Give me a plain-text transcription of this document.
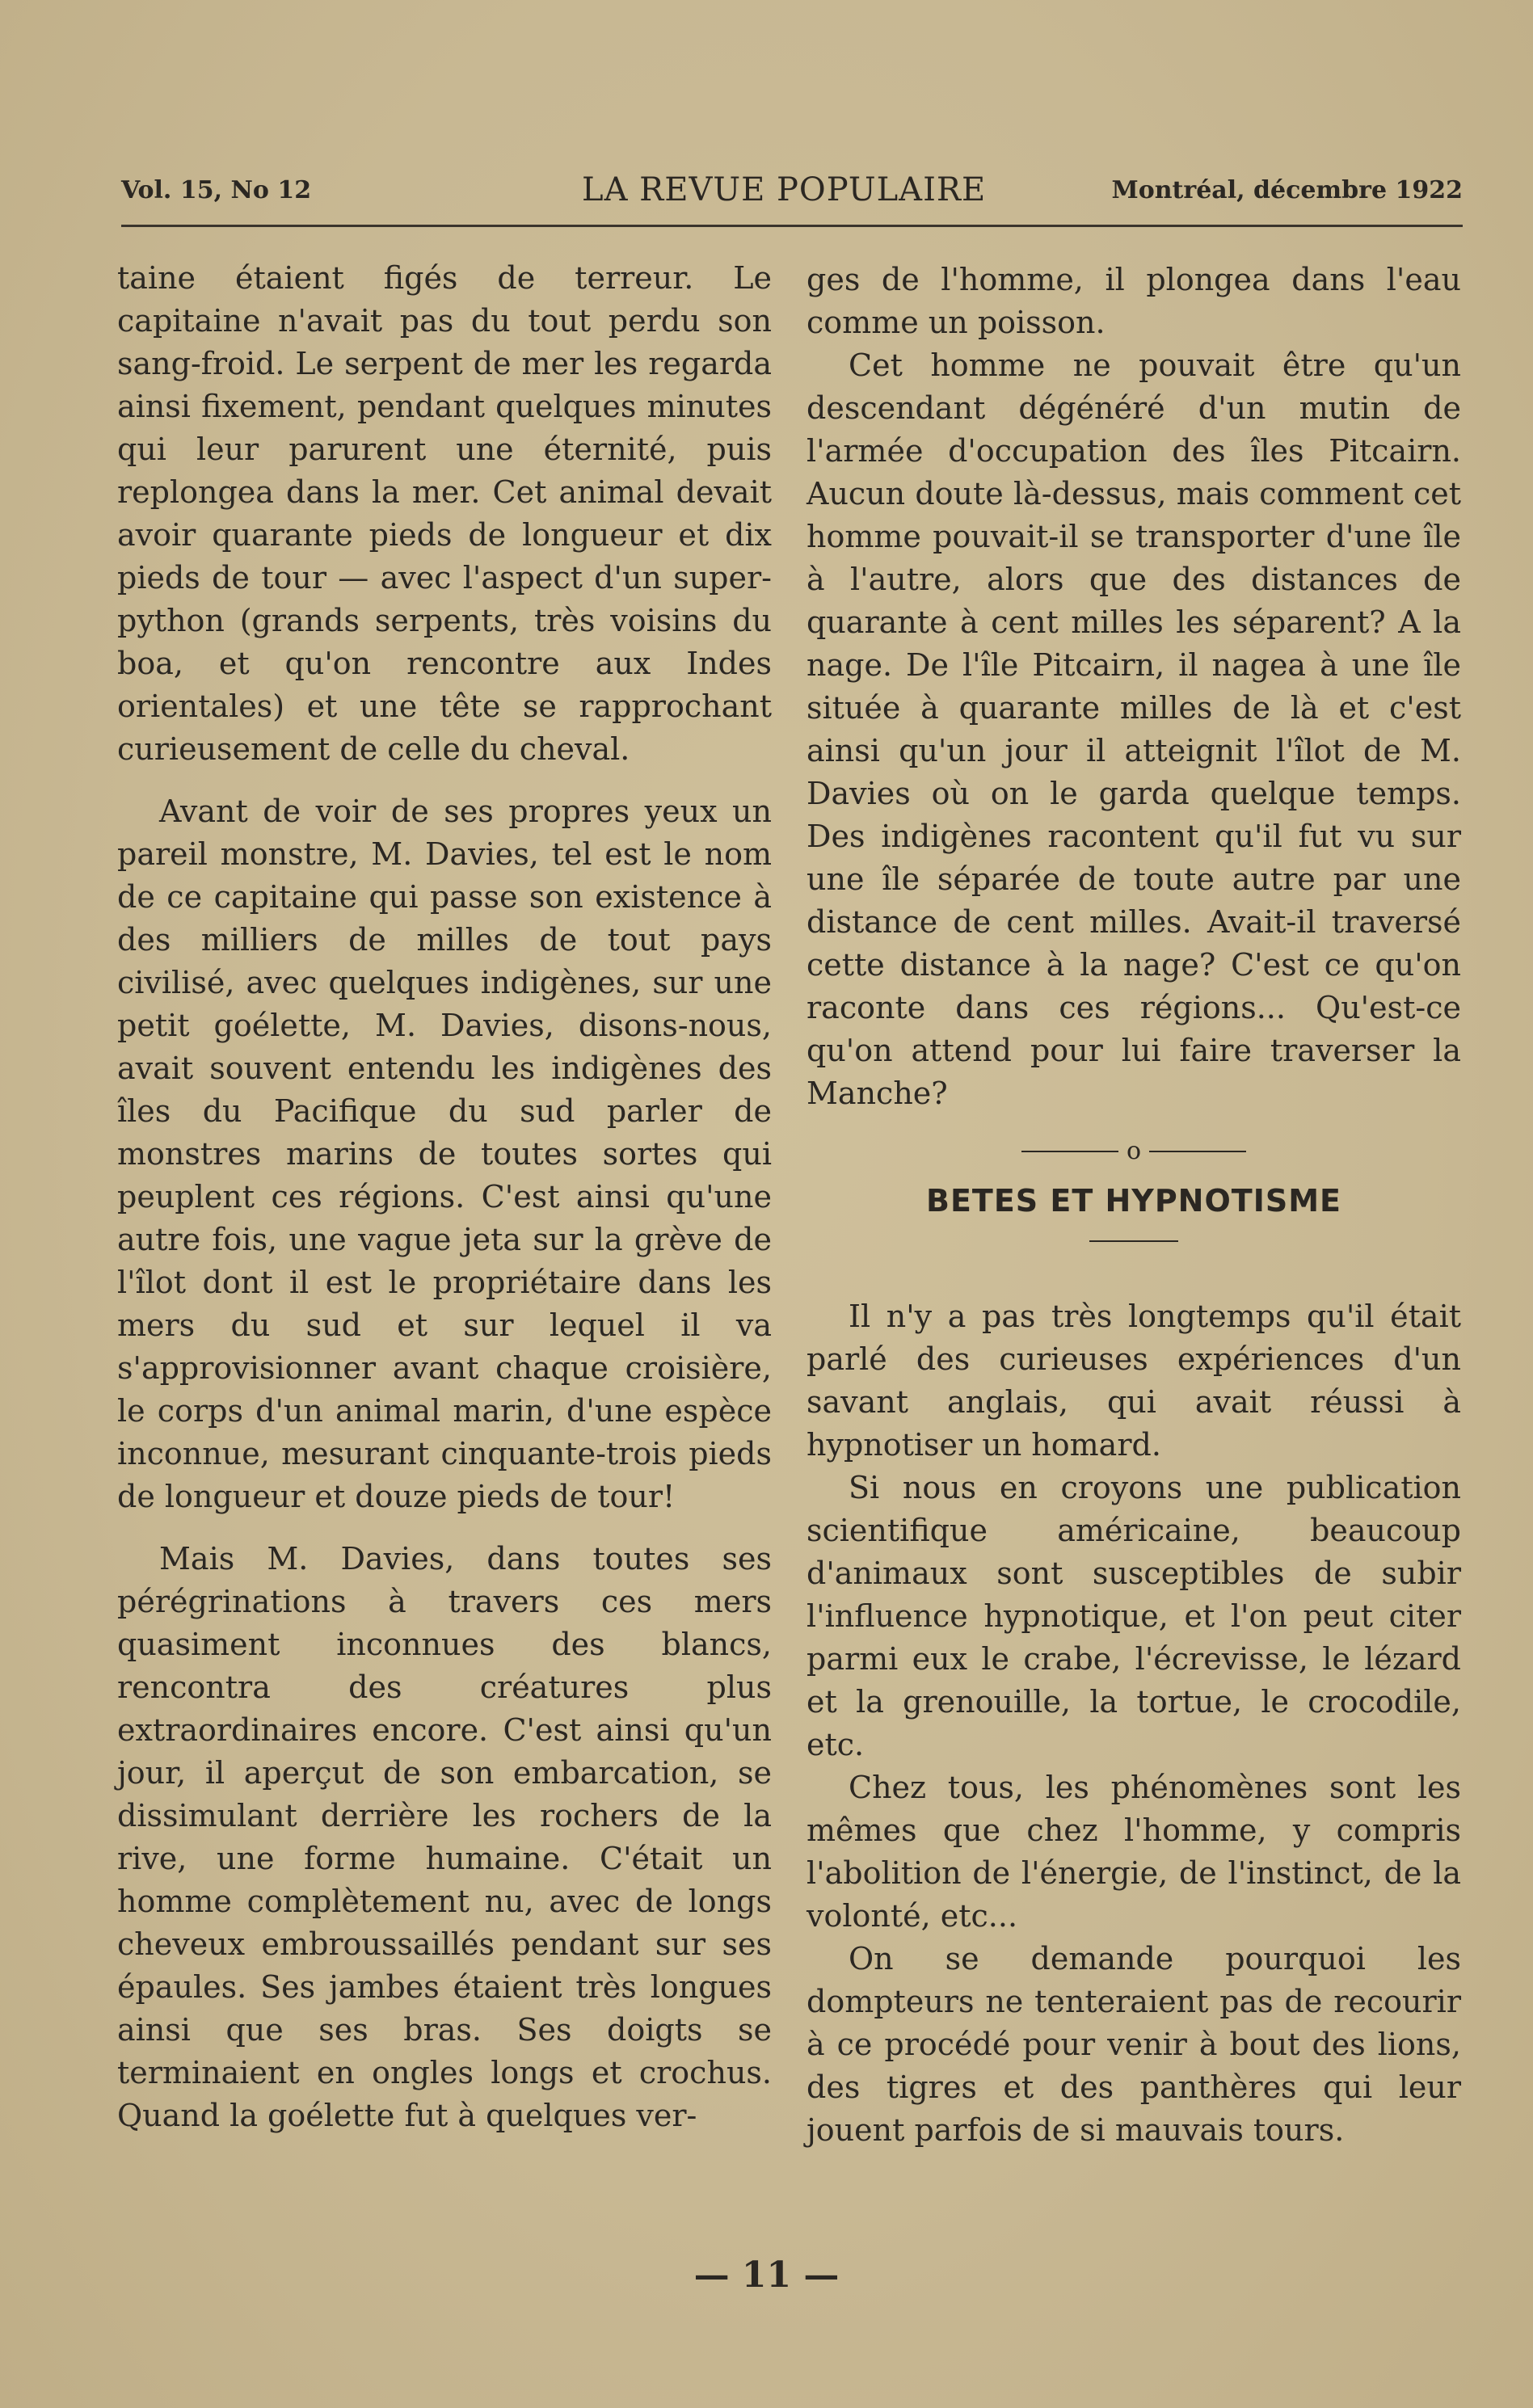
Vol. 15, No 12	LA REVUE POPULAIRE	Montréal, décembre 1922

taine étaient figés de terreur. Le capitaine n'avait pas du tout perdu son sang-froid. Le serpent de mer les regarda ainsi fixement, pendant quelques minutes qui leur parurent une éternité, puis replongea dans la mer. Cet animal devait avoir quarante pieds de longueur et dix pieds de tour — avec l'aspect d'un super-python (grands serpents, très voisins du boa, et qu'on rencontre aux Indes orientales) et une tête se rapprochant curieusement de celle du cheval.

Avant de voir de ses propres yeux un pareil monstre, M. Davies, tel est le nom de ce capitaine qui passe son existence à des milliers de milles de tout pays civilisé, avec quelques indigènes, sur une petit goélette, M. Davies, disons-nous, avait souvent entendu les indigènes des îles du Pacifique du sud parler de monstres marins de toutes sortes qui peuplent ces régions. C'est ainsi qu'une autre fois, une vague jeta sur la grève de l'îlot dont il est le propriétaire dans les mers du sud et sur lequel il va s'approvisionner avant chaque croisière, le corps d'un animal marin, d'une espèce inconnue, mesurant cinquante-trois pieds de longueur et douze pieds de tour!

Mais M. Davies, dans toutes ses pérégrinations à travers ces mers quasiment inconnues des blancs, rencontra des créatures plus extraordinaires encore. C'est ainsi qu'un jour, il aperçut de son embarcation, se dissimulant derrière les rochers de la rive, une forme humaine. C'était un homme complètement nu, avec de longs cheveux embroussaillés pendant sur ses épaules. Ses jambes étaient très longues ainsi que ses bras. Ses doigts se terminaient en ongles longs et crochus. Quand la goélette fut à quelques ver-

ges de l'homme, il plongea dans l'eau comme un poisson.

Cet homme ne pouvait être qu'un descendant dégénéré d'un mutin de l'armée d'occupation des îles Pitcairn. Aucun doute là-dessus, mais comment cet homme pouvait-il se transporter d'une île à l'autre, alors que des distances de quarante à cent milles les séparent? A la nage. De l'île Pitcairn, il nagea à une île située à quarante milles de là et c'est ainsi qu'un jour il atteignit l'îlot de M. Davies où on le garda quelque temps. Des indigènes racontent qu'il fut vu sur une île séparée de toute autre par une distance de cent milles. Avait-il traversé cette distance à la nage? C'est ce qu'on raconte dans ces régions... Qu'est-ce qu'on attend pour lui faire traverser la Manche?

o
BETES ET HYPNOTISME

Il n'y a pas très longtemps qu'il était parlé des curieuses expériences d'un savant anglais, qui avait réussi à hypnotiser un homard.

Si nous en croyons une publication scientifique américaine, beaucoup d'animaux sont susceptibles de subir l'influence hypnotique, et l'on peut citer parmi eux le crabe, l'écrevisse, le lézard et la grenouille, la tortue, le crocodile, etc.

Chez tous, les phénomènes sont les mêmes que chez l'homme, y compris l'abolition de l'énergie, de l'instinct, de la volonté, etc...

On se demande pourquoi les dompteurs ne tenteraient pas de recourir à ce procédé pour venir à bout des lions, des tigres et des panthères qui leur jouent parfois de si mauvais tours.

— 11 —
